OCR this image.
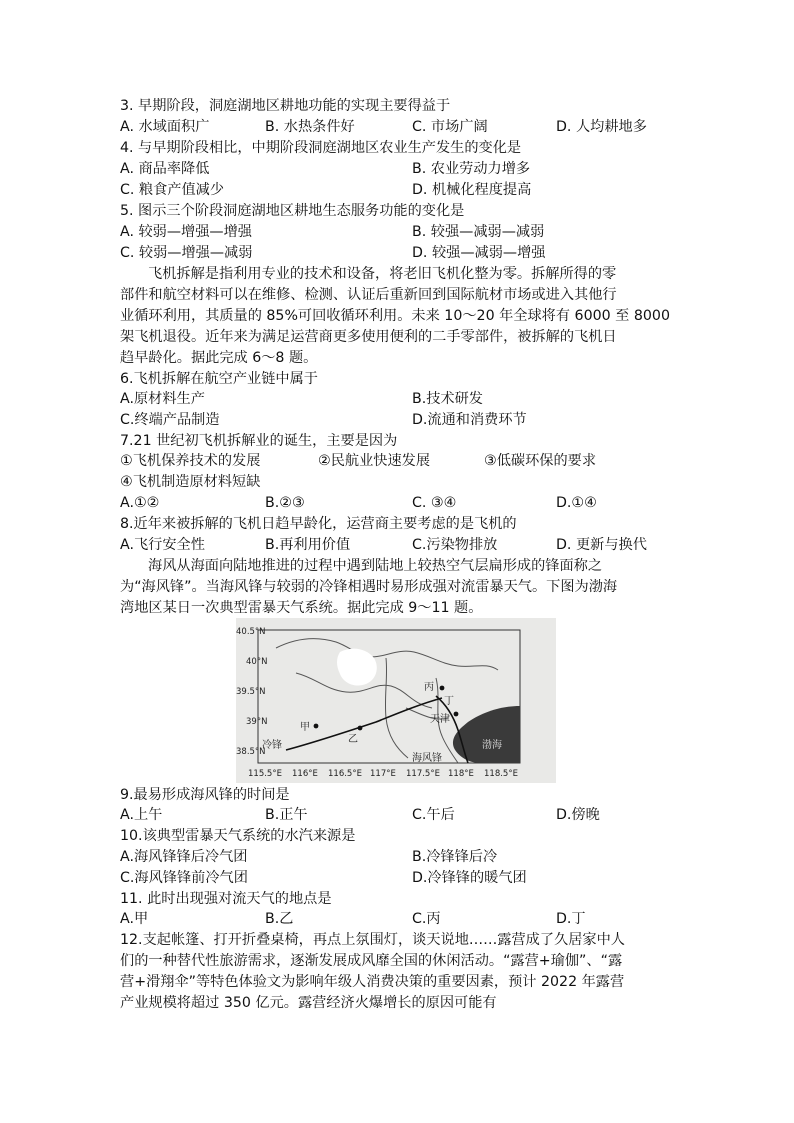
3. 早期阶段，洞庭湖地区耕地功能的实现主要得益于
A. 水域面积广	B. 水热条件好	C. 市场广阔	D. 人均耕地多
4. 与早期阶段相比，中期阶段洞庭湖地区农业生产发生的变化是
A. 商品率降低	B. 农业劳动力增多
C. 粮食产值减少	D. 机械化程度提高
5. 图示三个阶段洞庭湖地区耕地生态服务功能的变化是
A. 较弱—增强—增强	B. 较强—减弱—减弱
C. 较弱—增强—减弱	D. 较强—减弱—增强
飞机拆解是指利用专业的技术和设备，将老旧飞机化整为零。拆解所得的零
部件和航空材料可以在维修、检测、认证后重新回到国际航材市场或进入其他行
业循环利用，其质量的 85%可回收循环利用。未来 10～20 年全球将有 6000 至 8000
架飞机退役。近年来为满足运营商更多使用便利的二手零部件，被拆解的飞机日
趋早龄化。据此完成 6～8 题。
6.飞机拆解在航空产业链中属于
A.原材料生产	B.技术研发
C.终端产品制造	D.流通和消费环节
7.21 世纪初飞机拆解业的诞生，主要是因为
①飞机保养技术的发展	②民航业快速发展	③低碳环保的要求
④飞机制造原材料短缺
A.①②	B.②③	C. ③④	D.①④
8.近年来被拆解的飞机日趋早龄化，运营商主要考虑的是飞机的
A.飞行安全性	B.再利用价值	C.污染物排放	D. 更新与换代
海风从海面向陆地推进的过程中遇到陆地上较热空气层扁形成的锋面称之
为“海风锋”。当海风锋与较弱的冷锋相遇时易形成强对流雷暴天气。下图为渤海
湾地区某日一次典型雷暴天气系统。据此完成 9～11 题。
40.5°N
40°N
39.5°N
39°N
38.5°N
115.5°E 116°E 116.5°E 117°E 117.5°E 118°E 118.5°E
甲
乙
丙
丁
天津
冷锋
海风锋
渤海
9.最易形成海风锋的时间是
A.上午	B.正午	C.午后	D.傍晚
10.该典型雷暴天气系统的水汽来源是
A.海风锋锋后冷气团	B.冷锋锋后冷
C.海风锋锋前冷气团	D.冷锋锋的暖气团
11. 此时出现强对流天气的地点是
A.甲	B.乙	C.丙	D.丁
12.支起帐篷、打开折叠桌椅，再点上氛围灯，谈天说地……露营成了久居家中人
们的一种替代性旅游需求，逐渐发展成风靡全国的休闲活动。“露营+瑜伽”、“露
营+滑翔伞”等特色体验文为影响年级人消费决策的重要因素，预计 2022 年露营
产业规模将超过 350 亿元。露营经济火爆增长的原因可能有
